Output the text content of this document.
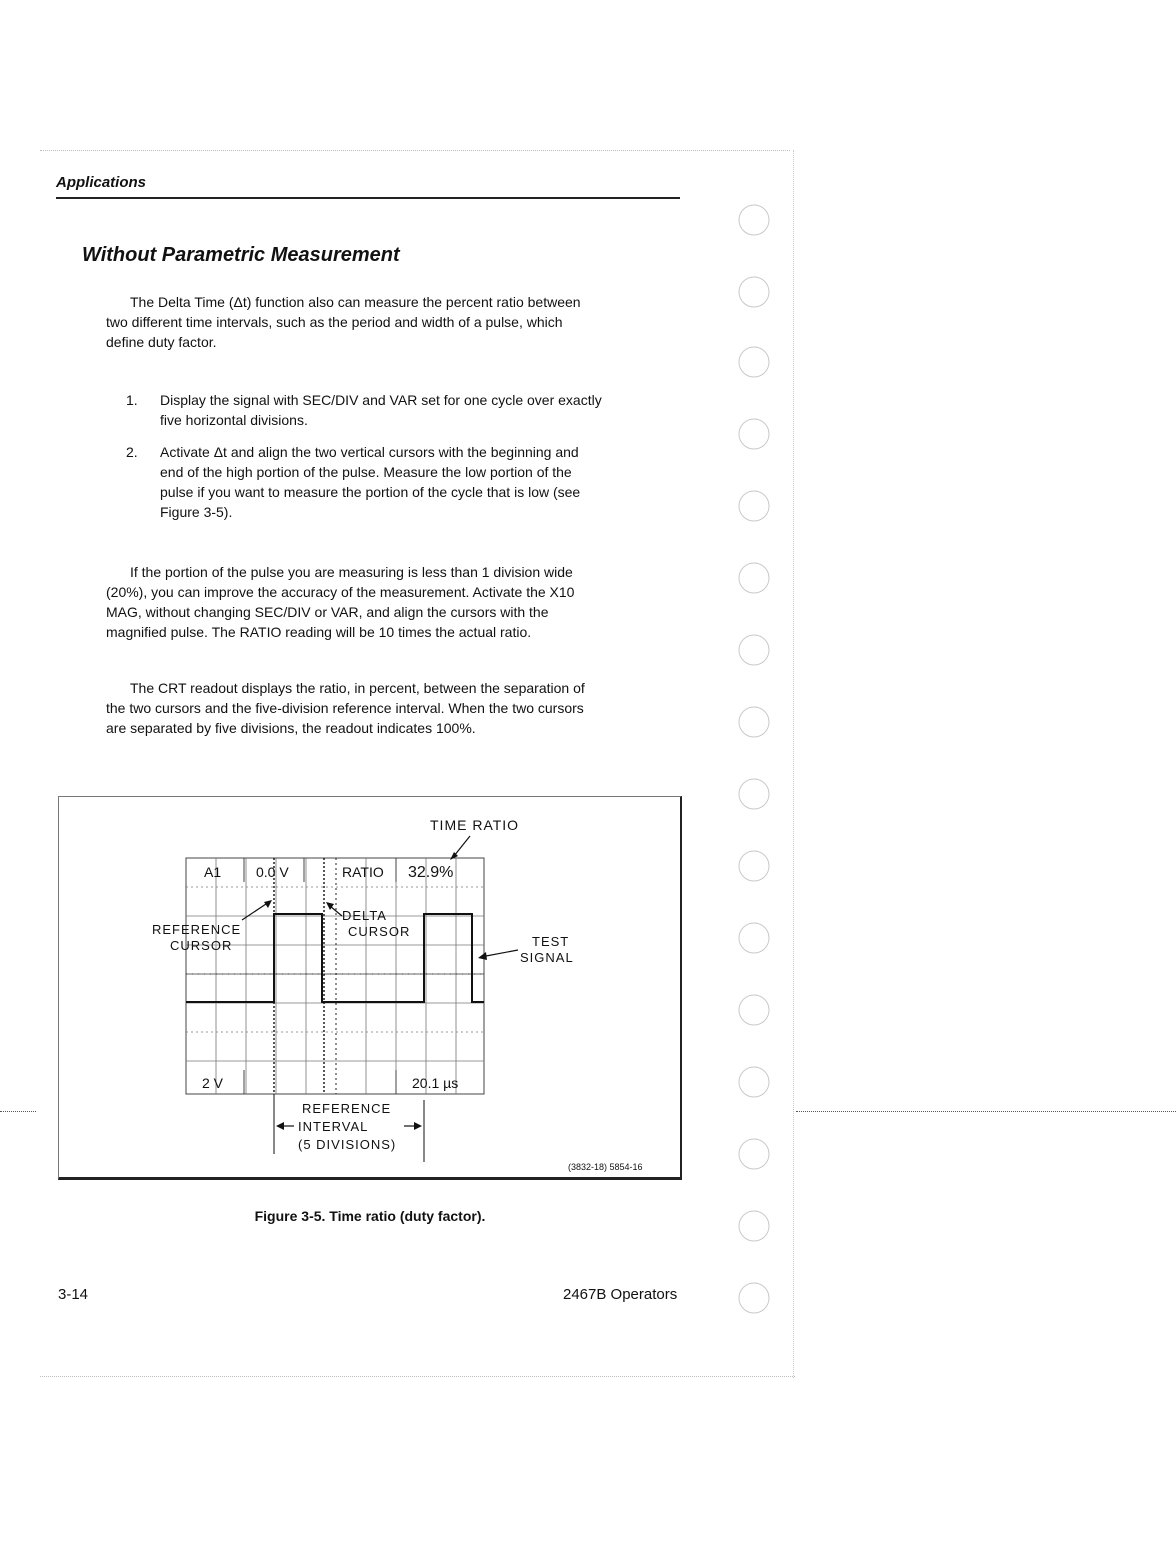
Applications
Without Parametric Measurement

The Delta Time (Δt) function also can measure the percent ratio between

two different time intervals, such as the period and width of a pulse, which

define duty factor.

1. Display the signal with SEC/DIV and VAR set for one cycle over exactly

five horizontal divisions.

2. Activate Δt and align the two vertical cursors with the beginning and

end of the high portion of the pulse. Measure the low portion of the

pulse if you want to measure the portion of the cycle that is low (see

Figure 3-5).

If the portion of the pulse you are measuring is less than 1 division wide

(20%), you can improve the accuracy of the measurement. Activate the X10

MAG, without changing SEC/DIV or VAR, and align the cursors with the

magnified pulse. The RATIO reading will be 10 times the actual ratio.

The CRT readout displays the ratio, in percent, between the separation of

the two cursors and the five-division reference interval. When the two cursors

are separated by five divisions, the readout indicates 100%.

A1 0.0 V	RATIO 32.9%
2 V	20.1 µs
TIME RATIO
REFERENCE
CURSOR
DELTA
CURSOR
TEST
SIGNAL
REFERENCE
INTERVAL
(5 DIVISIONS)
(3832-18) 5854-16
Figure 3-5. Time ratio (duty factor).
3-14	2467B Operators
